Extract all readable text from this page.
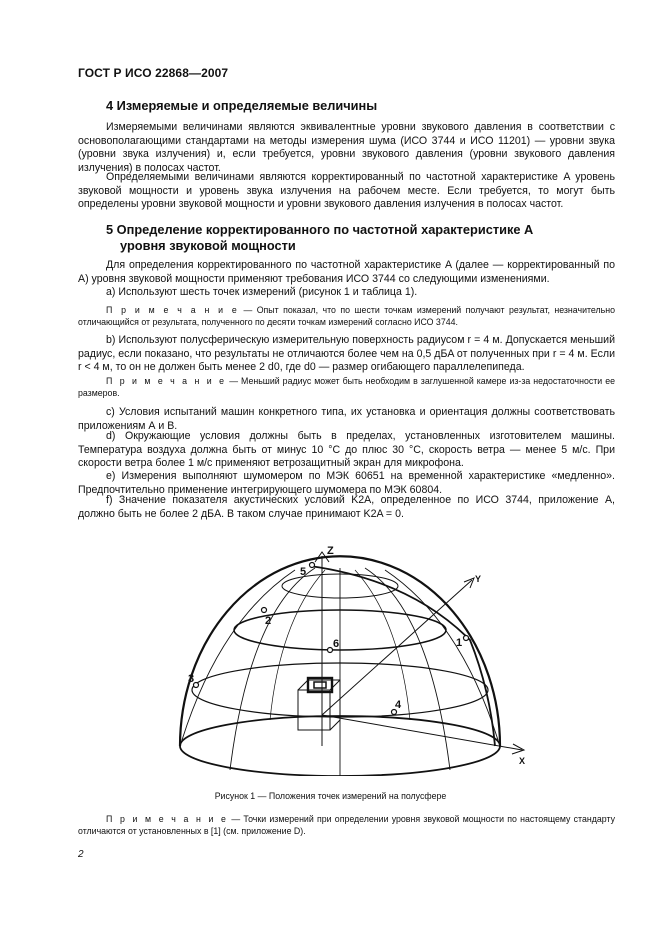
ГОСТ Р ИСО 22868—2007
4 Измеряемые и определяемые величины
Измеряемыми величинами являются эквивалентные уровни звукового давления в соответствии с основополагающими стандартами на методы измерения шума (ИСО 3744 и ИСО 11201) — уровни звука (уровни звука излучения) и, если требуется, уровни звукового давления (уровни звукового давления излучения) в полосах частот.
Определяемыми величинами являются корректированный по частотной характеристике A уровень звуковой мощности и уровень звука излучения на рабочем месте. Если требуется, то могут быть определены уровни звуковой мощности и уровни звукового давления излучения в полосах частот.
5 Определение корректированного по частотной характеристике A
уровня звуковой мощности
Для определения корректированного по частотной характеристике A (далее — корректированный по A) уровня звуковой мощности применяют требования ИСО 3744 со следующими изменениями.
а) Используют шесть точек измерений (рисунок 1 и таблица 1).
П р и м е ч а н и е — Опыт показал, что по шести точкам измерений получают результат, незначительно отличающийся от результата, полученного по десяти точкам измерений согласно ИСО 3744.
b) Используют полусферическую измерительную поверхность радиусом r = 4 м. Допускается меньший радиус, если показано, что результаты не отличаются более чем на 0,5 дБA от полученных при r = 4 м. Если r < 4 м, то он не должен быть менее 2 d0, где d0 — размер огибающего параллелепипеда.
П р и м е ч а н и е — Меньший радиус может быть необходим в заглушенной камере из-за недостаточности ее размеров.
с) Условия испытаний машин конкретного типа, их установка и ориентация должны соответствовать приложениям А и В.
d) Окружающие условия должны быть в пределах, установленных изготовителем машины. Температура воздуха должна быть от минус 10 °С до плюс 30 °С, скорость ветра — менее 5 м/с. При скорости ветра более 1 м/с применяют ветрозащитный экран для микрофона.
е) Измерения выполняют шумомером по МЭК 60651 на временной характеристике «медленно». Предпочтительно применение интегрирующего шумомера по МЭК 60804.
f) Значение показателя акустических условий K2A, определенное по ИСО 3744, приложение А, должно быть не более 2 дБA. В таком случае принимают K2A = 0.
Z
Y
X
1
2
3
4
5
6
Рисунок 1 — Положения точек измерений на полусфере
П р и м е ч а н и е — Точки измерений при определении уровня звуковой мощности по настоящему стандарту отличаются от установленных в [1] (см. приложение D).
2
